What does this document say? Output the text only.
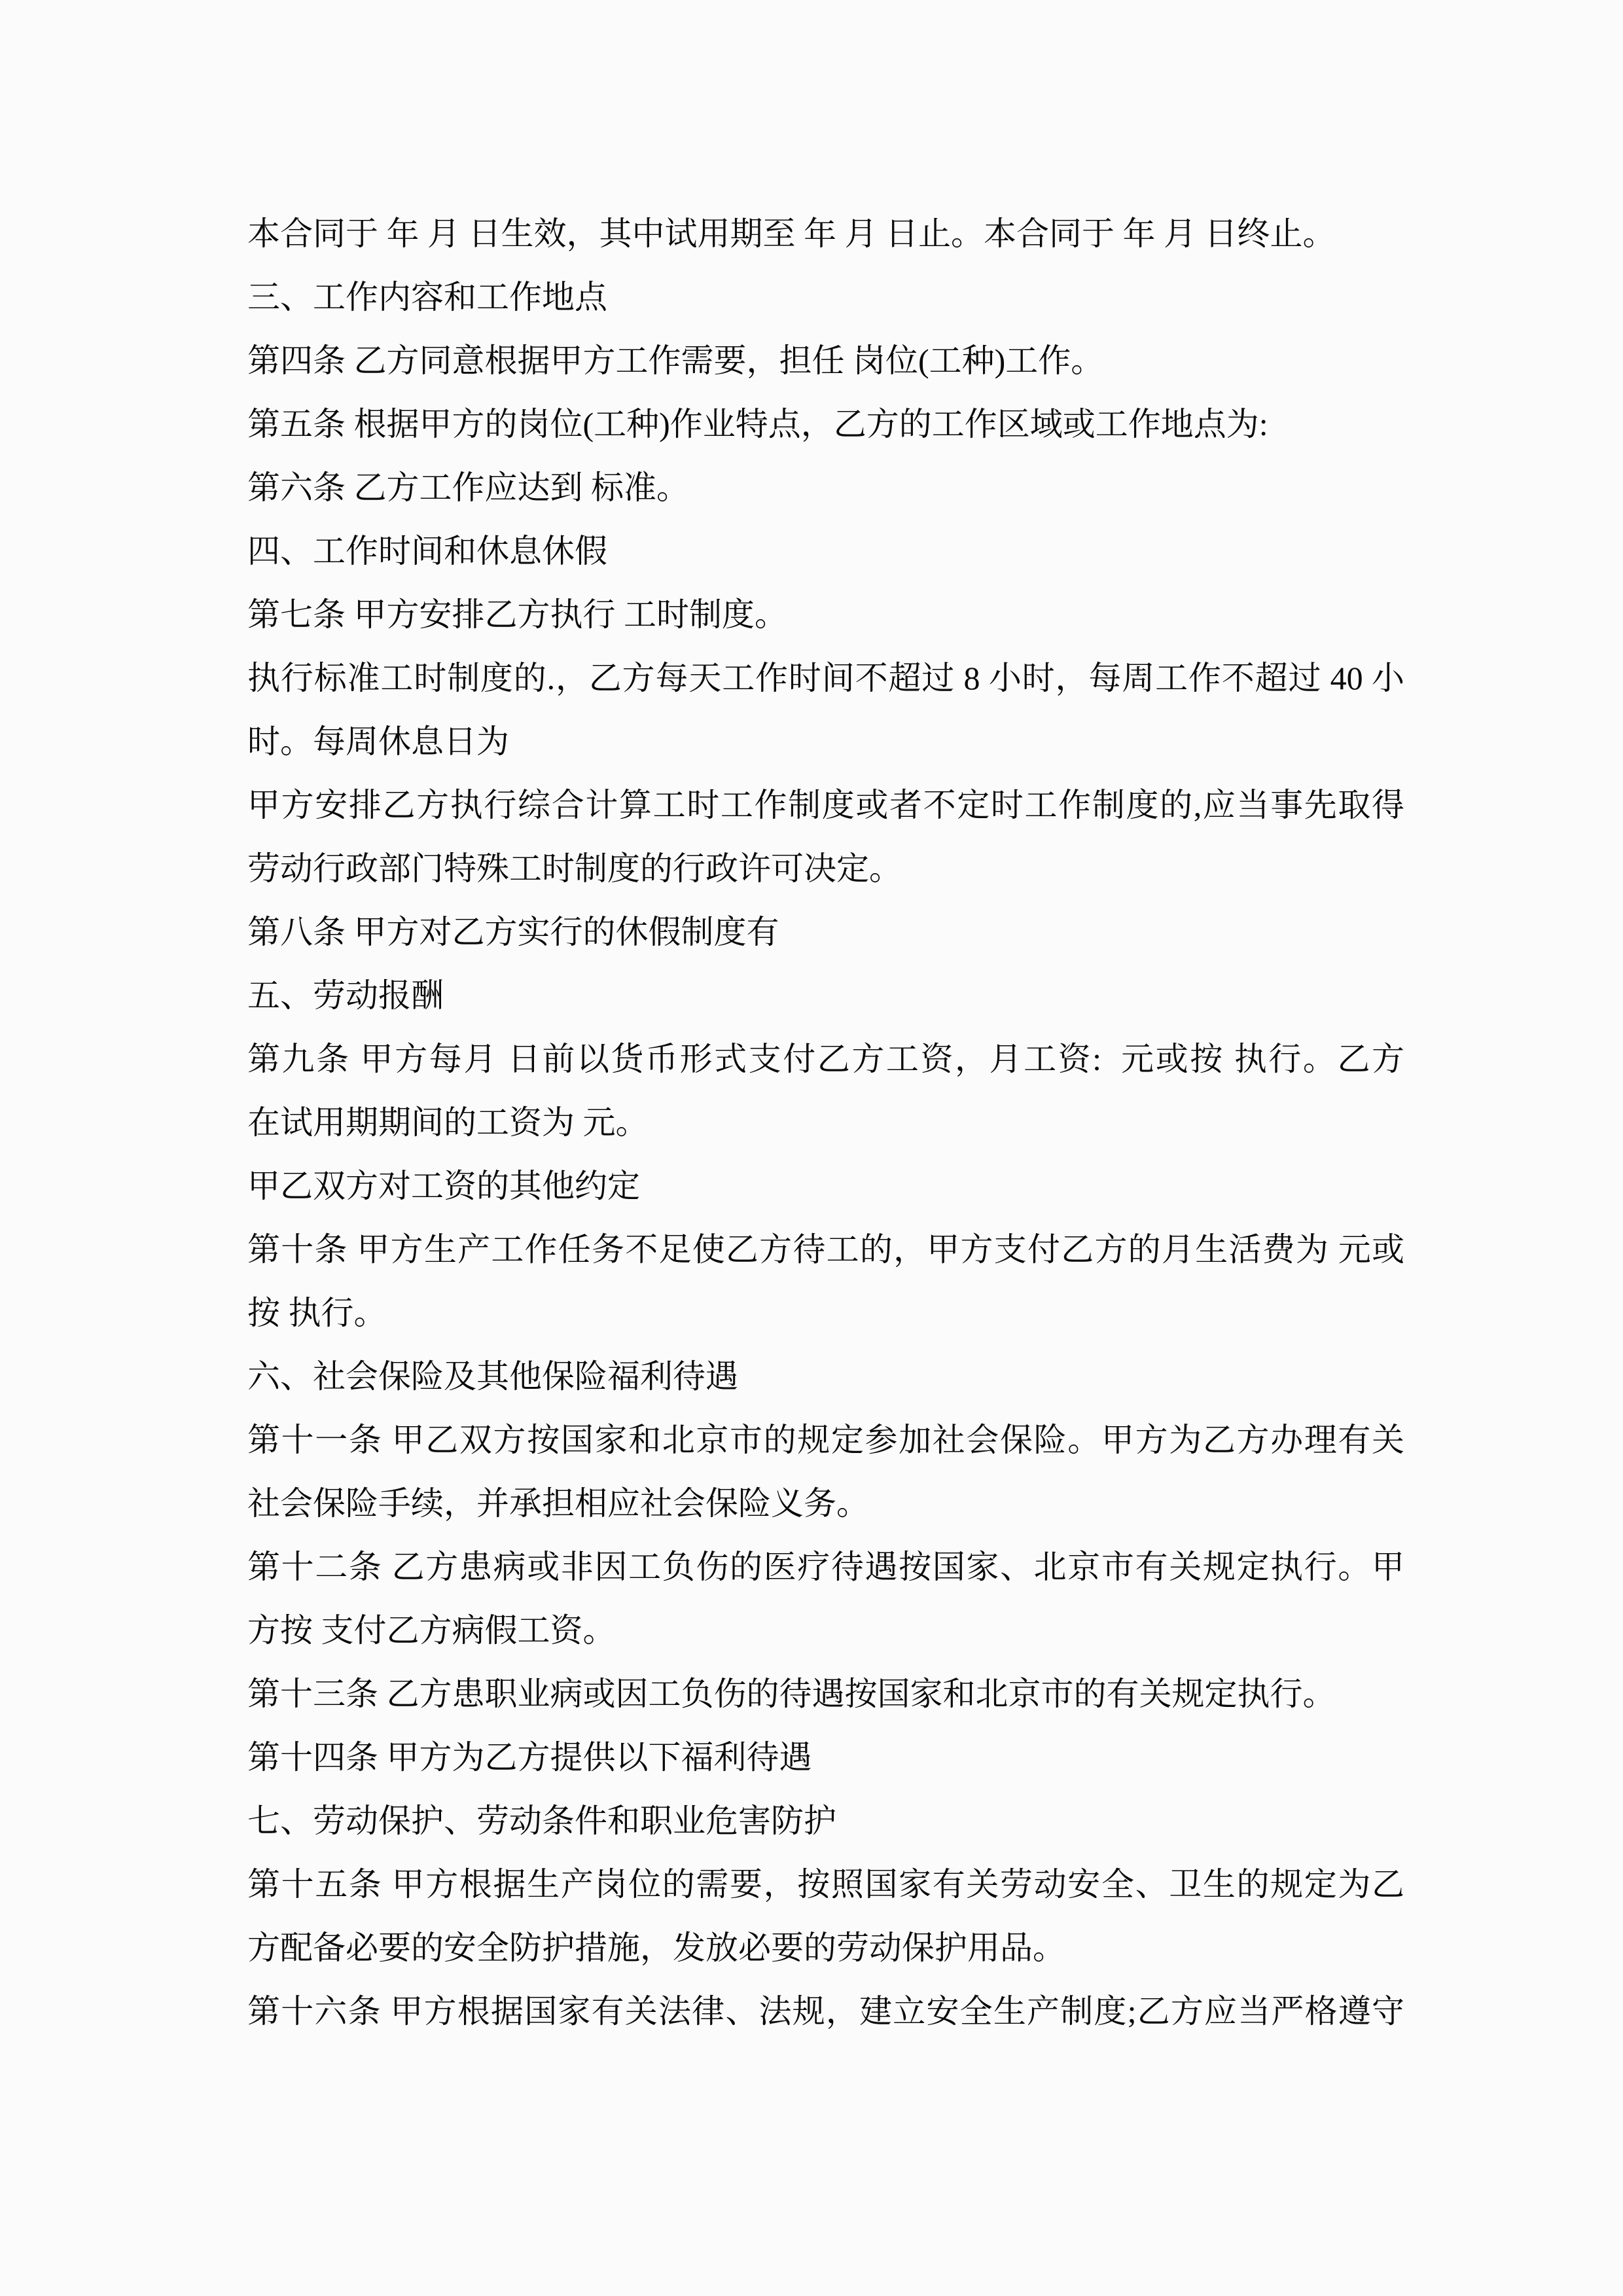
本合同于 年 月 日生效，其中试用期至 年 月 日止。本合同于 年 月 日终止。

三、工作内容和工作地点

第四条 乙方同意根据甲方工作需要，担任 岗位(工种)工作。

第五条 根据甲方的岗位(工种)作业特点，乙方的工作区域或工作地点为:

第六条 乙方工作应达到 标准。

四、工作时间和休息休假

第七条 甲方安排乙方执行 工时制度。

执行标准工时制度的.，乙方每天工作时间不超过 8 小时，每周工作不超过 40 小

时。每周休息日为

甲方安排乙方执行综合计算工时工作制度或者不定时工作制度的,应当事先取得

劳动行政部门特殊工时制度的行政许可决定。

第八条 甲方对乙方实行的休假制度有

五、劳动报酬

第九条 甲方每月 日前以货币形式支付乙方工资，月工资:  元或按 执行。乙方

在试用期期间的工资为 元。

甲乙双方对工资的其他约定

第十条 甲方生产工作任务不足使乙方待工的，甲方支付乙方的月生活费为 元或

按 执行。

六、社会保险及其他保险福利待遇

第十一条 甲乙双方按国家和北京市的规定参加社会保险。甲方为乙方办理有关

社会保险手续，并承担相应社会保险义务。

第十二条 乙方患病或非因工负伤的医疗待遇按国家、北京市有关规定执行。甲

方按 支付乙方病假工资。

第十三条 乙方患职业病或因工负伤的待遇按国家和北京市的有关规定执行。

第十四条 甲方为乙方提供以下福利待遇

七、劳动保护、劳动条件和职业危害防护

第十五条 甲方根据生产岗位的需要，按照国家有关劳动安全、卫生的规定为乙

方配备必要的安全防护措施，发放必要的劳动保护用品。

第十六条 甲方根据国家有关法律、法规，建立安全生产制度;乙方应当严格遵守
